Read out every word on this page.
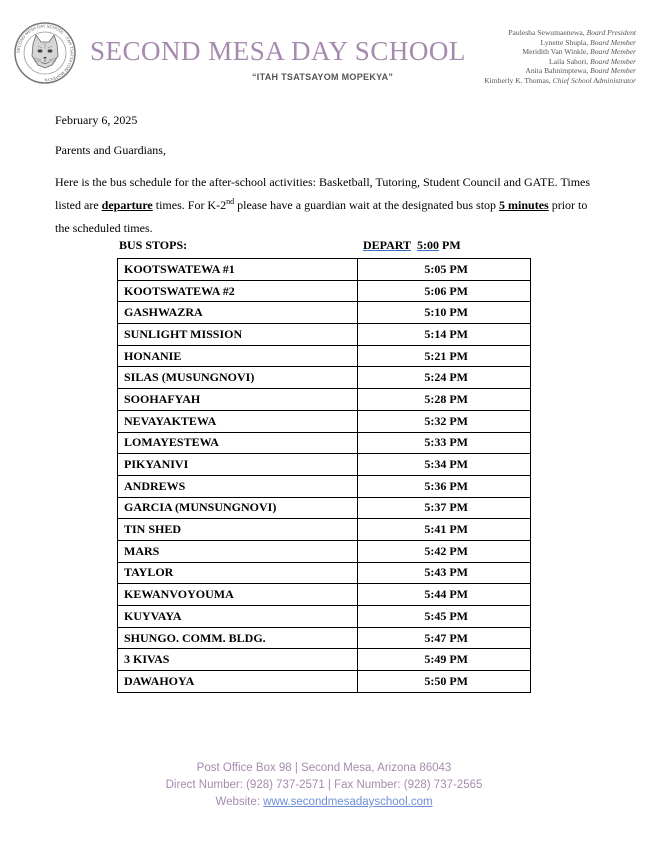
SECOND MESA DAY SCHOOL · ITAH TSATSAYOM MOPEKYA
SECOND MESA DAY SCHOOL
“ITAH TSATSAYOM MOPEKYA”
Paulesha Sewumaenewa, Board President
Lynette Shupla, Board Member
Meridith Van Winkle, Board Member
Laila Sahori, Board Member
Anita Bahnimptewa, Board Member
Kimberly K. Thomas, Chief School Administrator
February 6, 2025
Parents and Guardians,
Here is the bus schedule for the after-school activities: Basketball, Tutoring, Student Council and GATE. Times listed are departure times. For K-2nd please have a guardian wait at the designated bus stop 5 minutes prior to the scheduled times.
BUS STOPS:	DEPART 5:00 PM
KOOTSWATEWA #1	5:05 PM
KOOTSWATEWA #2	5:06 PM
GASHWAZRA	5:10 PM
SUNLIGHT MISSION	5:14 PM
HONANIE	5:21 PM
SILAS (MUSUNGNOVI)	5:24 PM
SOOHAFYAH	5:28 PM
NEVAYAKTEWA	5:32 PM
LOMAYESTEWA	5:33 PM
PIKYANIVI	5:34 PM
ANDREWS	5:36 PM
GARCIA (MUNSUNGNOVI)	5:37 PM
TIN SHED	5:41 PM
MARS	5:42 PM
TAYLOR	5:43 PM
KEWANVOYOUMA	5:44 PM
KUYVAYA	5:45 PM
SHUNGO. COMM. BLDG.	5:47 PM
3 KIVAS	5:49 PM
DAWAHOYA	5:50 PM
Post Office Box 98 | Second Mesa, Arizona 86043
Direct Number: (928) 737-2571 | Fax Number: (928) 737-2565
Website: www.secondmesadayschool.com
